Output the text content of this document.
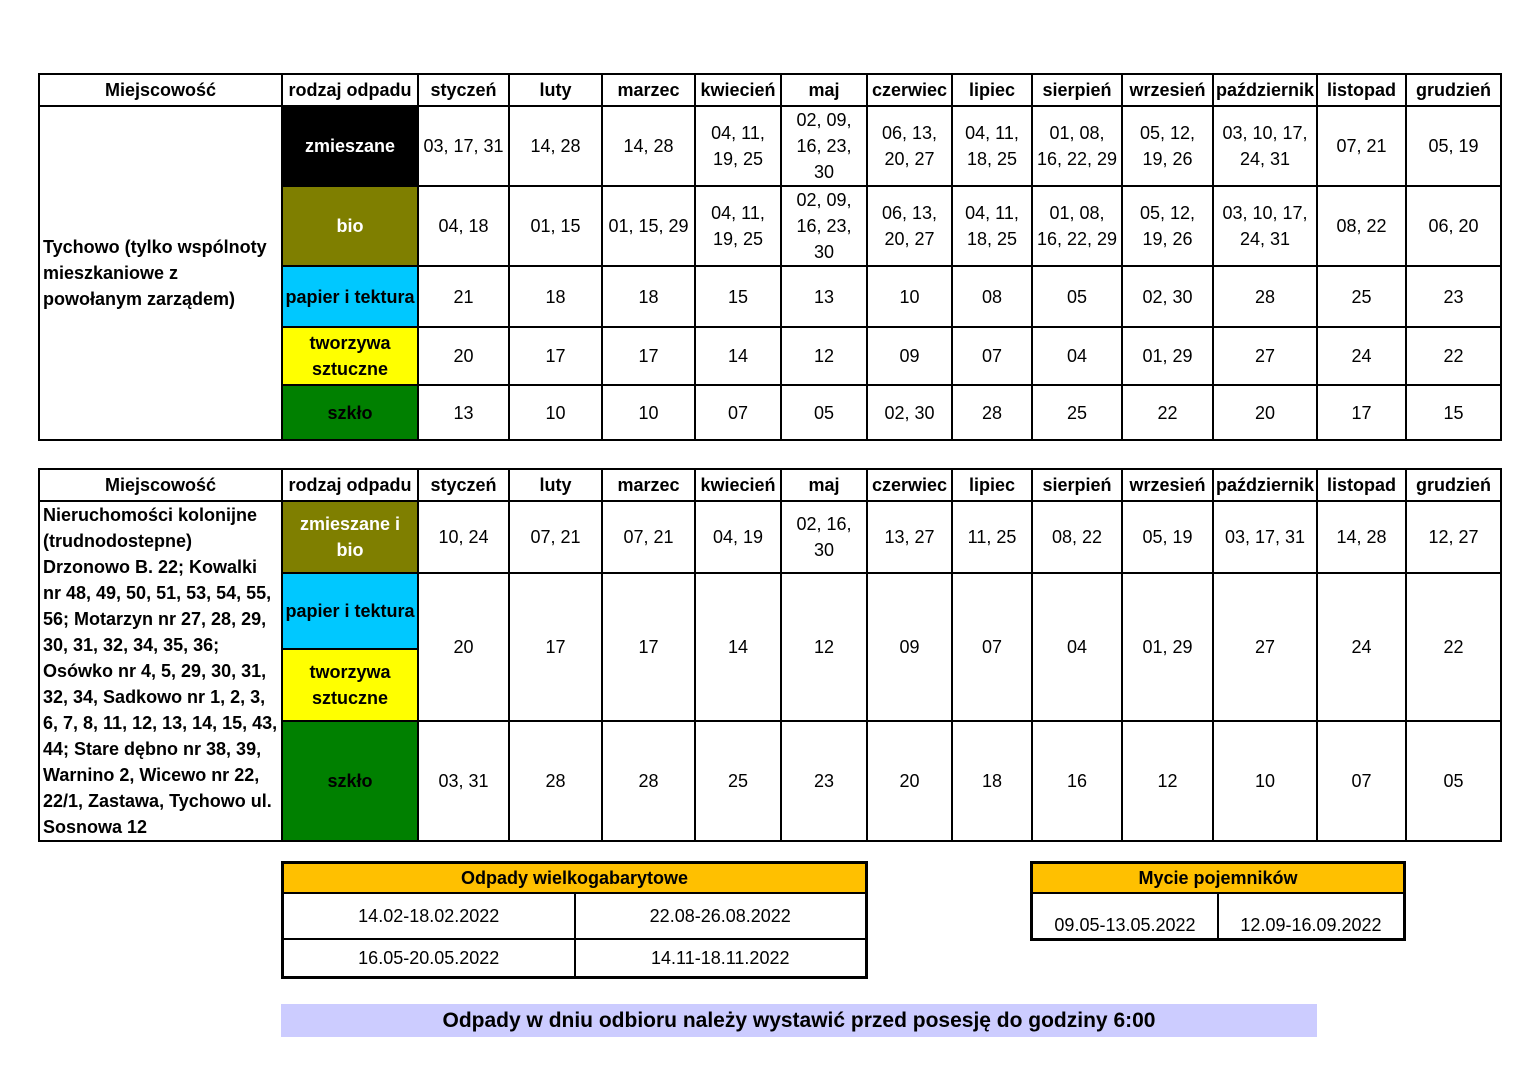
Miejscowość	rodzaj odpadu	styczeń	luty	marzec	kwiecień	maj	czerwiec	lipiec	sierpień	wrzesień	październik	listopad	grudzień
Tychowo (tylko wspólnoty mieszkaniowe z powołanym zarządem)	zmieszane	03, 17, 31	14, 28	14, 28	04, 11, 19, 25	02, 09, 16, 23, 30	06, 13, 20, 27	04, 11, 18, 25	01, 08, 16, 22, 29	05, 12, 19, 26	03, 10, 17, 24, 31	07, 21	05, 19
	bio	04, 18	01, 15	01, 15, 29	04, 11, 19, 25	02, 09, 16, 23, 30	06, 13, 20, 27	04, 11, 18, 25	01, 08, 16, 22, 29	05, 12, 19, 26	03, 10, 17, 24, 31	08, 22	06, 20
	papier i tektura	21	18	18	15	13	10	08	05	02, 30	28	25	23
	tworzywa sztuczne	20	17	17	14	12	09	07	04	01, 29	27	24	22
	szkło	13	10	10	07	05	02, 30	28	25	22	20	17	15
Miejscowość	rodzaj odpadu	styczeń	luty	marzec	kwiecień	maj	czerwiec	lipiec	sierpień	wrzesień	październik	listopad	grudzień
Nieruchomości kolonijne (trudnodostepne) Drzonowo B. 22; Kowalki nr 48, 49, 50, 51, 53, 54, 55, 56; Motarzyn nr 27, 28, 29, 30, 31, 32, 34, 35, 36; Osówko nr 4, 5, 29, 30, 31, 32, 34, Sadkowo nr 1, 2, 3, 6, 7, 8, 11, 12, 13, 14, 15, 43, 44; Stare dębno nr 38, 39, Warnino 2, Wicewo nr 22, 22/1, Zastawa, Tychowo ul. Sosnowa 12	zmieszane i bio	10, 24	07, 21	07, 21	04, 19	02, 16, 30	13, 27	11, 25	08, 22	05, 19	03, 17, 31	14, 28	12, 27
	papier i tektura	20	17	17	14	12	09	07	04	01, 29	27	24	22
	tworzywa sztuczne												
	szkło	03, 31	28	28	25	23	20	18	16	12	10	07	05
Odpady wielkogabarytowe	
14.02-18.02.2022	22.08-26.08.2022
16.05-20.05.2022	14.11-18.11.2022
Mycie pojemników
09.05-13.05.2022	12.09-16.09.2022
Odpady w dniu odbioru należy wystawić przed posesję do godziny 6:00
